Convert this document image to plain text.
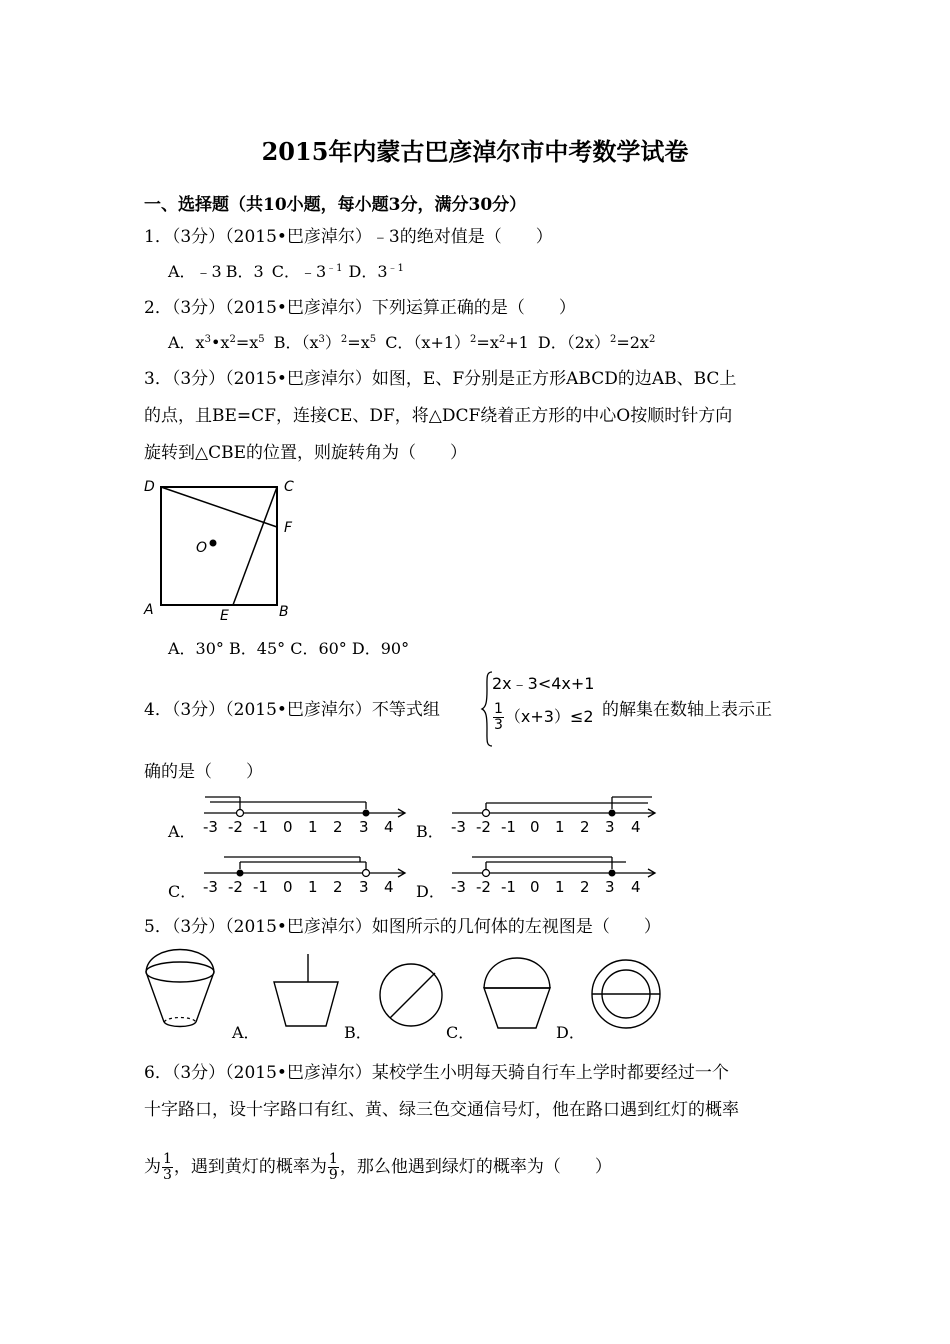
2015年内蒙古巴彦淖尔市中考数学试卷
一、选择题（共10小题，每小题3分，满分30分）
1．（3分）（2015•巴彦淖尔）﹣3的绝对值是（　　）
A．﹣3 B．3 C．$﹣3^{﹣1}$ D．$3^{﹣1}$
2．（3分）（2015•巴彦淖尔）下列运算正确的是（　　）
A．$x^3•x^2=x^5$ B．$(x^3)^2=x^5$ C．$(x+1)^2=x^2+1$ D．$(2x)^2=2x^2$
3．（3分）（2015•巴彦淖尔）如图，E、F分别是正方形ABCD的边AB、BC上
的点，且BE=CF，连接CE、DF，将△DCF绕着正方形的中心O按顺时针方向
旋转到△CBE的位置，则旋转角为（　　）
D	C
F
O
A	E	B
A．30° B．45° C．60° D．90°
4．（3分）（2015•巴彦淖尔）不等式组
2x﹣3<4x+1
$\frac{1}{3} (x+3)\le 2$ 的解集在数轴上表示正
确的是（　　）
A． -3 -2 -1 0 1 2 3 4 B． -3 -2 -1 0 1 2 3 4
C． -3 -2 -1 0 1 2 3 4 D． -3 -2 -1 0 1 2 3 4
5．（3分）（2015•巴彦淖尔）如图所示的几何体的左视图是（　　）
A．	B．	C．	D．
6．（3分）（2015•巴彦淖尔）某校学生小明每天骑自行车上学时都要经过一个
十字路口，设十字路口有红、黄、绿三色交通信号灯，他在路口遇到红灯的概率
为 $\frac{1}{3}$ ，遇到黄灯的概率为 $\frac{1}{9}$ ，那么他遇到绿灯的概率为（　　）
